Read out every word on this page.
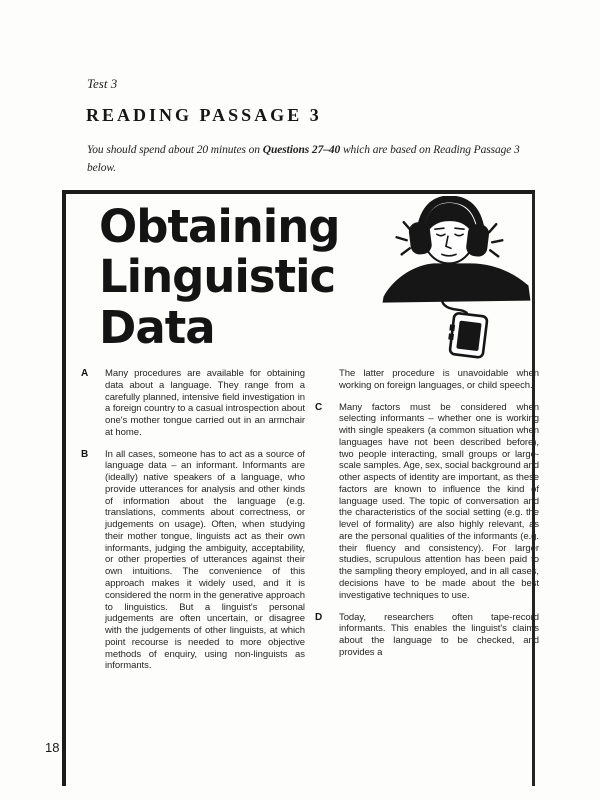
Test 3
READING PASSAGE 3

You should spend about 20 minutes on Questions 27–40 which are based on Reading Passage 3
below.

Obtaining
Linguistic
Data
A	Many procedures are available for obtaining data about a language. They range from a carefully planned, intensive field investigation in a foreign country to a casual introspection about one's mother tongue carried out in an armchair at home.
B	In all cases, someone has to act as a source of language data – an informant. Informants are (ideally) native speakers of a language, who provide utterances for analysis and other kinds of information about the language (e.g. translations, comments about correctness, or judgements on usage). Often, when studying their mother tongue, linguists act as their own informants, judging the ambiguity, acceptability, or other properties of utterances against their own intuitions. The convenience of this approach makes it widely used, and it is considered the norm in the generative approach to linguistics. But a linguist's personal judgements are often uncertain, or disagree with the judgements of other linguists, at which point recourse is needed to more objective methods of enquiry, using non-linguists as informants.
The latter procedure is unavoidable when working on foreign languages, or child speech.
C	Many factors must be considered when selecting informants – whether one is working with single speakers (a common situation when languages have not been described before), two people interacting, small groups or large-scale samples. Age, sex, social background and other aspects of identity are important, as these factors are known to influence the kind of language used. The topic of conversation and the characteristics of the social setting (e.g. the level of formality) are also highly relevant, as are the personal qualities of the informants (e.g. their fluency and consistency). For larger studies, scrupulous attention has been paid to the sampling theory employed, and in all cases, decisions have to be made about the best investigative techniques to use.
D	Today, researchers often tape-record informants. This enables the linguist's claims about the language to be checked, and provides a
18
